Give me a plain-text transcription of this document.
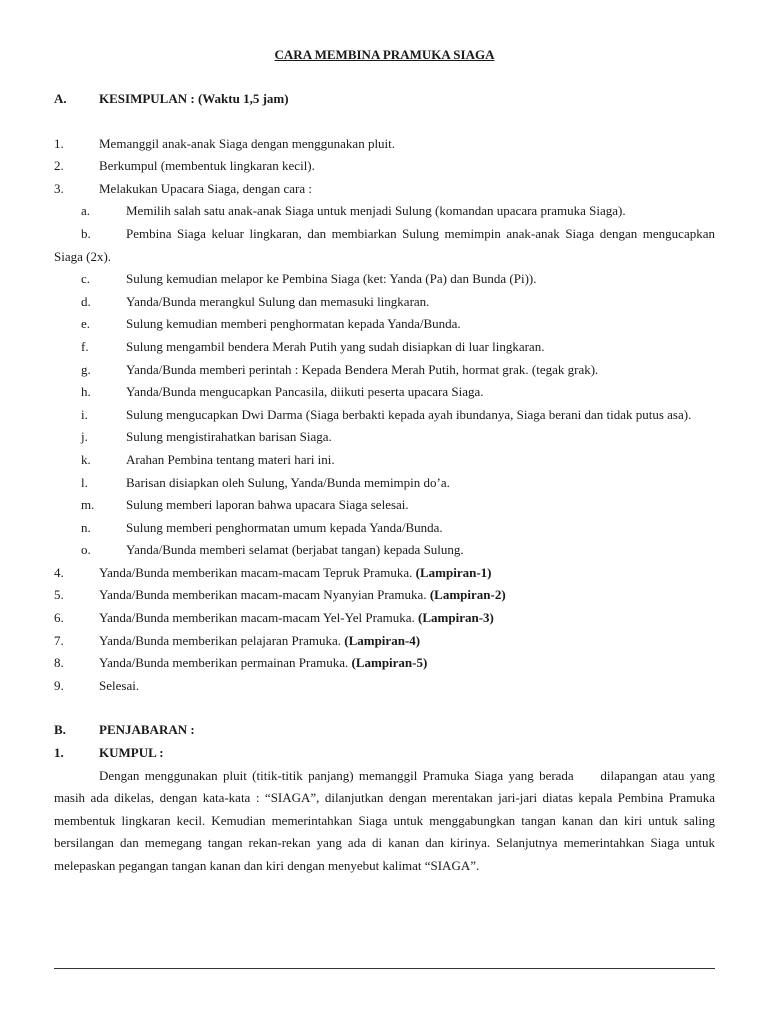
CARA MEMBINA PRAMUKA SIAGA

A.	KESIMPULAN : (Waktu 1,5 jam)

1.	Memanggil anak-anak Siaga dengan menggunakan pluit.

2.	Berkumpul (membentuk lingkaran kecil).

3.	Melakukan Upacara Siaga, dengan cara :

a.	Memilih salah satu anak-anak Siaga untuk menjadi Sulung (komandan upacara pramuka Siaga).

b.	Pembina Siaga keluar lingkaran, dan membiarkan Sulung memimpin anak-anak Siaga dengan mengucapkan Siaga (2x).

c.	Sulung kemudian melapor ke Pembina Siaga (ket: Yanda (Pa) dan Bunda (Pi)).

d.	Yanda/Bunda merangkul Sulung dan memasuki lingkaran.

e.	Sulung kemudian memberi penghormatan kepada Yanda/Bunda.

f.	Sulung mengambil bendera Merah Putih yang sudah disiapkan di luar lingkaran.

g.	Yanda/Bunda memberi perintah : Kepada Bendera Merah Putih, hormat grak. (tegak grak).

h.	Yanda/Bunda mengucapkan Pancasila, diikuti peserta upacara Siaga.

i.	Sulung mengucapkan Dwi Darma (Siaga berbakti kepada ayah ibundanya, Siaga berani dan tidak putus asa).

j.	Sulung mengistirahatkan barisan Siaga.

k.	Arahan Pembina tentang materi hari ini.

l.	Barisan disiapkan oleh Sulung, Yanda/Bunda memimpin do’a.

m.	Sulung memberi laporan bahwa upacara Siaga selesai.

n.	Sulung memberi penghormatan umum kepada Yanda/Bunda.

o.	Yanda/Bunda memberi selamat (berjabat tangan) kepada Sulung.

4.	Yanda/Bunda memberikan macam-macam Tepruk Pramuka. (Lampiran-1)

5.	Yanda/Bunda memberikan macam-macam Nyanyian Pramuka. (Lampiran-2)

6.	Yanda/Bunda memberikan macam-macam Yel-Yel Pramuka. (Lampiran-3)

7.	Yanda/Bunda memberikan pelajaran Pramuka. (Lampiran-4)

8.	Yanda/Bunda memberikan permainan Pramuka. (Lampiran-5)

9.	Selesai.

B.	PENJABARAN :

1.	KUMPUL :

Dengan menggunakan pluit (titik-titik panjang) memanggil Pramuka Siaga yang berada     dilapangan atau yang masih ada dikelas, dengan kata-kata : “SIAGA”, dilanjutkan dengan merentakan jari-jari diatas kepala Pembina Pramuka membentuk lingkaran kecil. Kemudian memerintahkan Siaga untuk menggabungkan tangan kanan dan kiri untuk saling bersilangan dan memegang tangan rekan-rekan yang ada di kanan dan kirinya. Selanjutnya memerintahkan Siaga untuk melepaskan pegangan tangan kanan dan kiri dengan menyebut kalimat “SIAGA”.
